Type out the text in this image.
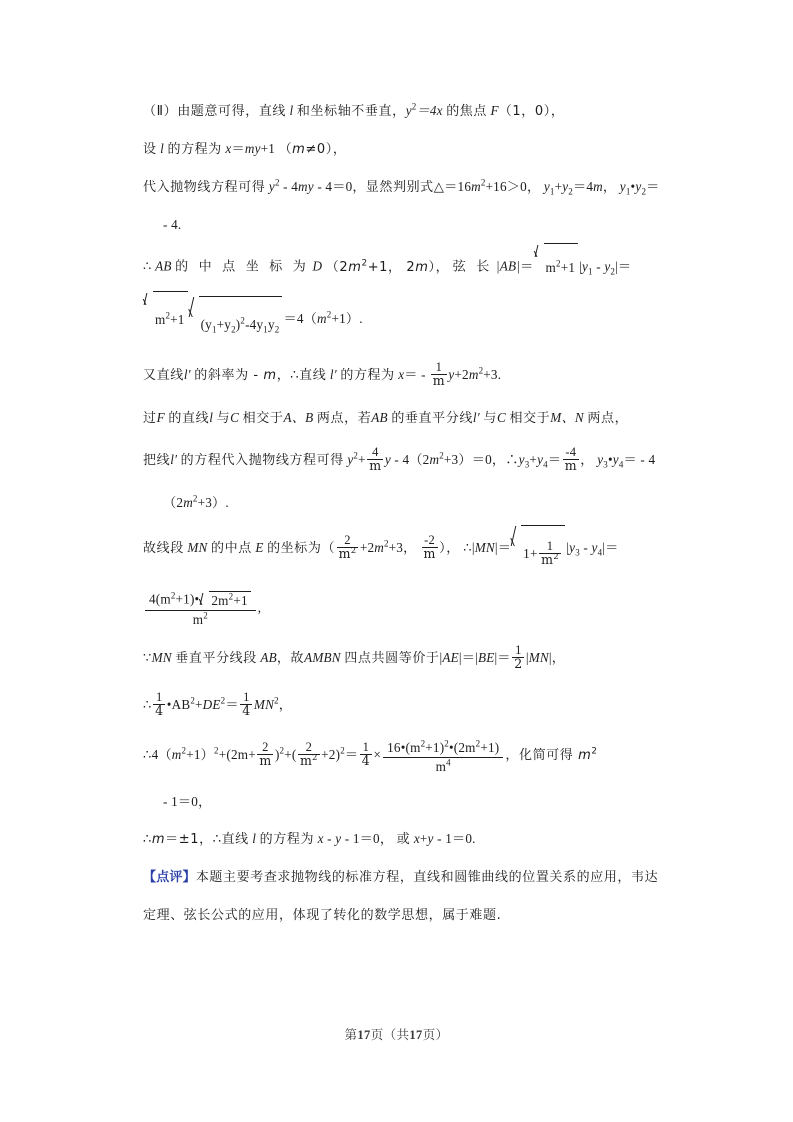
（Ⅱ）由题意可得，直线 l 和坐标轴不垂直，$y^2=4x$ 的焦点 F（1，0），
设 l 的方程为 x＝my+1 （m≠0），
代入抛物线方程可得 $y^2 - 4my - 4=0$，显然判别式$\triangle=16m^2+16>0$， $y_1+y_2=4m$， $y_1•y_2=$
- 4.
∴ AB 的 中 点 坐 标 为 D （$2m^2+1$， 2m）， 弦 长 $|AB|= m^2+1$ $|y_1 - y_2|=$
$m^2+1$ $(y_1+y_2)^2-4y_1y_2=4(m^2+1)$.
又直线l′ 的斜率为 - m，∴直线 l′ 的方程为 $x= - \frac{1}{m} y+2m^2+3$.
过F 的直线l 与C 相交于A、B 两点，若AB 的垂直平分线l′ 与C 相交于M、N 两点，
把线l′ 的方程代入抛物线方程可得 $y^2+ \frac{4}{m}$ $y - 4(2m^2+3)=0$，$\therefore y_3+y_4= \frac{-4}{m}$ ， $y_3•y_4= - 4$
$(2m^2+3)$.
故线段 MN 的中点 E 的坐标为（ $\frac{2}{m^2} +2m^2+3$， $\frac{-2}{m}$ ）， ∴|MN|＝ $1+ \frac{1}{m^2} |y_3 - y_4|=$
$\frac{4(m^2+1)• 2m^2+1}{m^2}$ ,
∵MN 垂直平分线段 AB，故AMBN 四点共圆等价于$|AE|=|BE|= \frac{1}{2} |MN|$，
∴ $\frac{1}{4}$ $•AB^2+DE^2= \frac{1}{4} MN^2$，
$\therefore 4(m^2+1)^2+(2m+ \frac{2}{m} )^2+( \frac{2}{m^2} +2)^2= \frac{1}{4} \times \frac{16•(m^2+1)^2•(2m^2+1)}{m^4}$ ，化简可得 $m^2$
- 1＝0，
∴m＝±1，∴直线 l 的方程为 x - y - 1＝0， 或 x+y - 1＝0.
【点评】本题主要考查求抛物线的标准方程，直线和圆锥曲线的位置关系的应用，韦达
定理、弦长公式的应用，体现了转化的数学思想，属于难题.
第17页（共17页）
